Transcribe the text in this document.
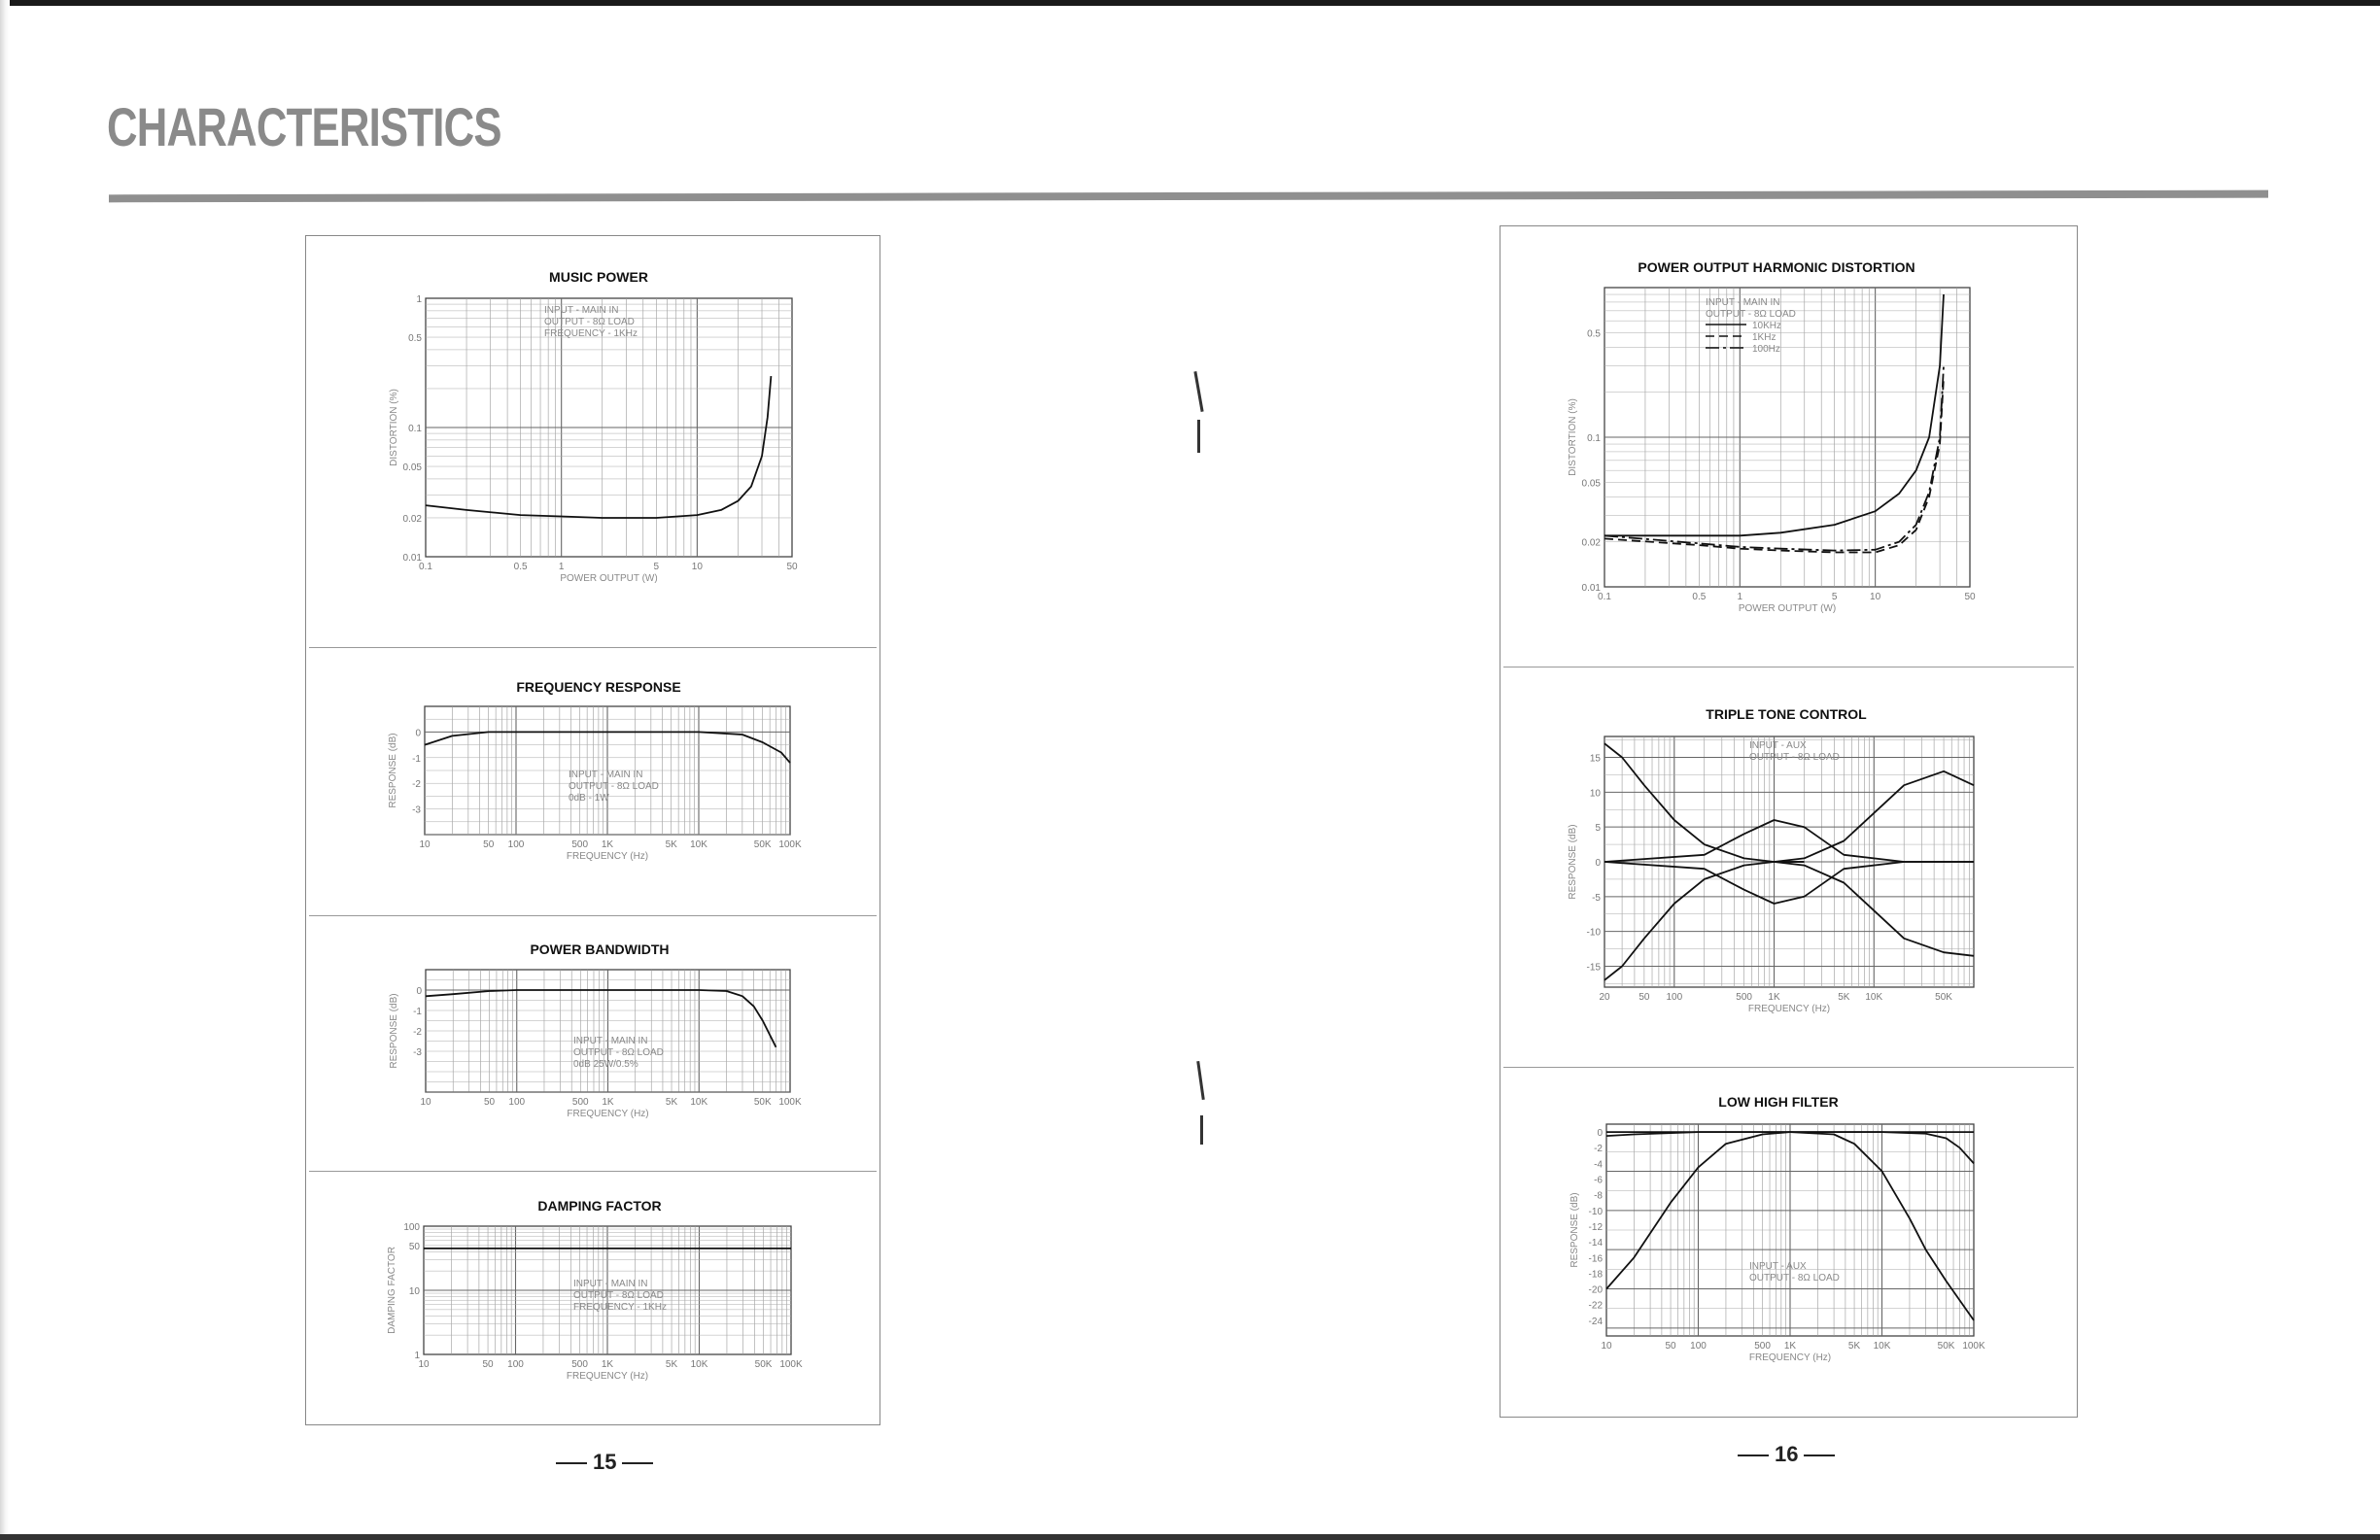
CHARACTERISTICS
MUSIC POWER
0.1	0.5	1	5	10	50
1
0.5
0.1
0.05
0.02
0.01
POWER OUTPUT (W)
DISTORTION (%)
INPUT - MAIN IN
OUTPUT - 8Ω LOAD
FREQUENCY - 1KHz
FREQUENCY RESPONSE
10	50 100	500 1K	5K 10K	50K 100K
0
-1
-2
-3
FREQUENCY (Hz)
RESPONSE (dB)	INPUT - MAIN IN
OUTPUT - 8Ω LOAD
0dB - 1W
POWER BANDWIDTH
10	50 100	500 1K	5K 10K	50K 100K
0
-1
-2
-3
FREQUENCY (Hz)
RESPONSE (dB)	INPUT - MAIN IN
OUTPUT - 8Ω LOAD
0dB 25W/0.5%
DAMPING FACTOR
10	50 100	500 1K	5K 10K	50K 100K
100
50
10
1
FREQUENCY (Hz)
DAMPING FACTOR	INPUT - MAIN IN
OUTPUT - 8Ω LOAD
FREQUENCY - 1KHz
POWER OUTPUT HARMONIC DISTORTION
0.1	0.5	1	5	10	50
0.5
0.1
0.05
0.02
0.01
POWER OUTPUT (W)
DISTORTION (%)
INPUT - MAIN IN
OUTPUT - 8Ω LOAD
10KHz
1KHz
100Hz
TRIPLE TONE CONTROL
20	50 100	500 1K	5K 10K	50K
15
10
5
0
-5
-10
-15
FREQUENCY (Hz)
RESPONSE (dB)
INPUT - AUX
OUTPUT - 8Ω LOAD
LOW HIGH FILTER
10	50 100	500 1K	5K 10K	50K 100K
0
-2
-4
-6
-8
-10
-12
-14
-16
-18
-20
-22
-24
FREQUENCY (Hz)
RESPONSE (dB)	INPUT - AUX
OUTPUT - 8Ω LOAD
15	16
